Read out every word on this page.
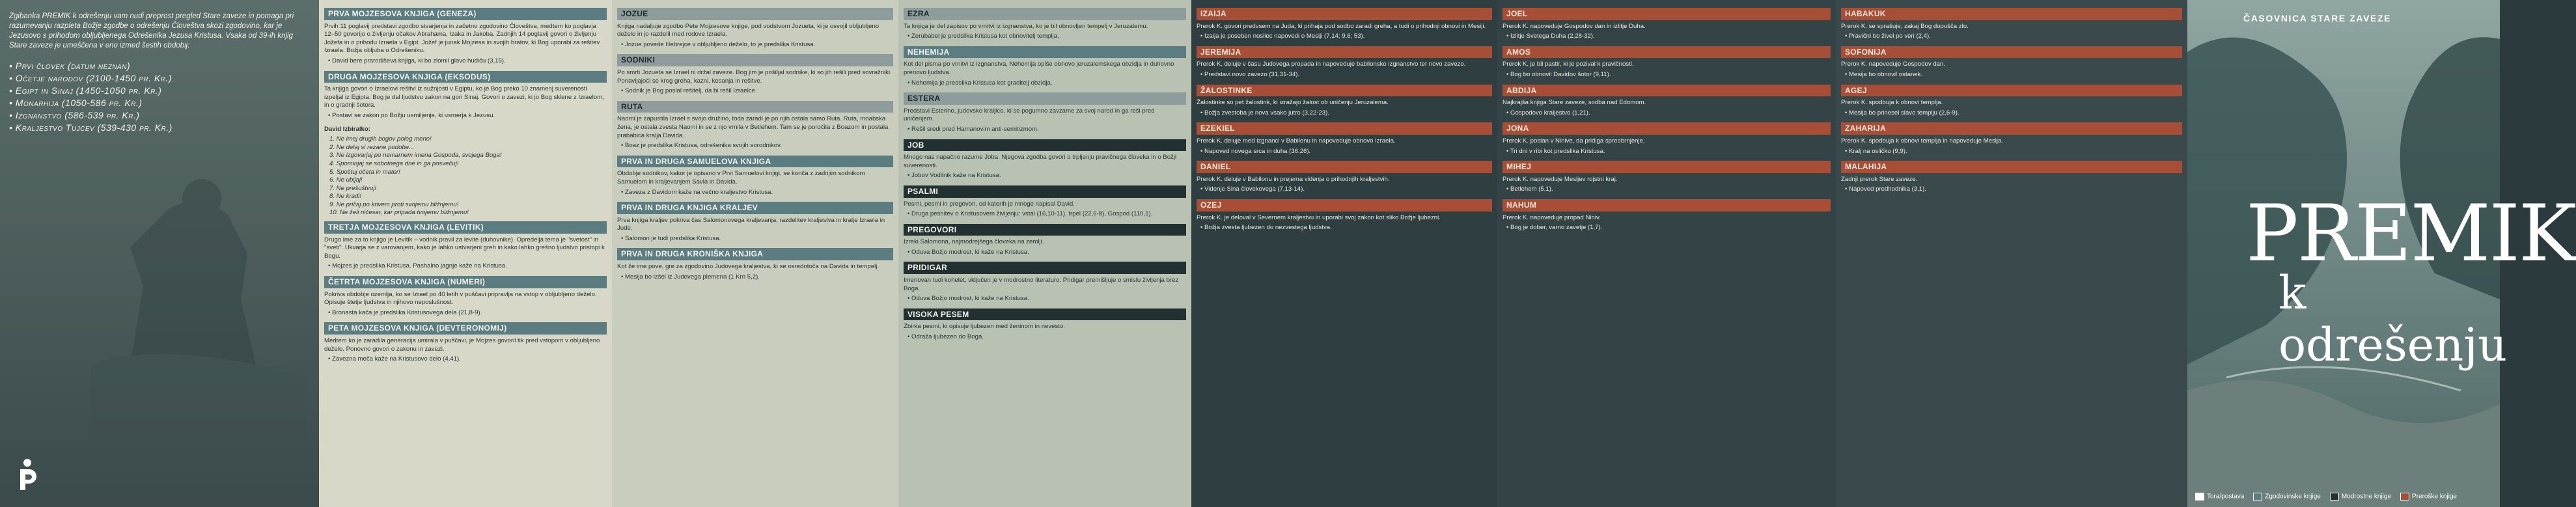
Zgibanka PREMIK k odrešenju vam nudi preprost pregled Stare zaveze in pomaga pri razumevanju razpleta Božje zgodbe o odrešenju Človeštva skozi zgodovino, kar je Jezusovo s prihodom obljubljenega Odrešenika Jezusa Kristusa. Vsaka od 39-ih knjig Stare zaveze je umeščena v eno izmed šestih obdobij:

• Prvi človek (datum neznan)
• Očetje narodov (2100-1450 pr. Kr.)
• Egipt in Sinaj (1450-1050 pr. Kr.)
• Monarhija (1050-586 pr. Kr.)
• Izgnanstvo (586-539 pr. Kr.)
• Kraljestvo Tujcev (539-430 pr. Kr.)
PRVA MOJZESOVA KNJIGA (GENEZA)

Prvih 11 poglavij predstavi zgodbo stvarjenja in začetno zgodovino Človeštva, medtem ko poglavja 12–50 govorijo o življenju očakov Abrahama, Izaka in Jakoba. Zadnjih 14 poglavij govori o življenju Jožefa in o prihodu Izraela v Egipt. Jožef je junak Mojzesa in svojih bratov, ki Bog uporabi za rešitev Izraela. Božja obljuba o Odrešeniku.

• David bere prarodiševa knjiga, ki bo zlomil glavo hudiču (3,15).

DRUGA MOJZESOVA KNJIGA (EKSODUS)

Ta knjiga govori o Izraelovi rešitvi iz sužnjosti v Egiptu, ko je Bog preko 10 znamenj suverenosti izpeljal iz Egipta. Bog je dal ljudstvu zakon na gori Sinaj. Govori o zavezi, ki jo Bog sklene z Izraelom, in o gradnji šotora.

• Postavi se zakon po Božju usmiljenje, ki usmerja k Jezusu.

David Izbiralko:

1. Ne imej drugih bogov poleg mene!
2. Ne delaj si rezane podobe...
3. Ne izgovarjaj po nemarnem imena Gospoda, svojega Boga!
4. Spominjaj se sobotnega dne in ga posvečuj!
5. Spoštuj očeta in mater!
6. Ne ubijaj!
7. Ne prešuštvuj!
8. Ne kradi!
9. Ne pričaj po krivem proti svojemu bližnjemu!
10. Ne želi ničesar, kar pripada tvojemu bližnjemu!
TRETJA MOJZESOVA KNJIGA (LEVITIK)

Drugo ime za to knjigo je Levitik – vodnik pravil za levite (duhovnike). Opredelja tema je "svetost" in "sveti". Ukvarja se z varovanjem, kako je lahko ustvarjeni greh in kako lahko grešno ljudstvo pristopi k Bogu.

• Mojzes je predslika Kristusa. Pashalno jagnje kaže na Kristusa.

ČETRTA MOJZESOVA KNJIGA (NUMERI)

Pokriva obdobje ozemlja, ko se Izrael po 40 letih v puščavi pripravlja na vstop v obljubljeno deželo. Opisuje štetje ljudstva in njihovo neposlušnost.

• Bronasta kača je predslika Kristusovega dela (21,8-9).

PETA MOJZESOVA KNJIGA (DEVTERONOMIJ)

Medtem ko je zaradila generacija umirala v puščavi, je Mojzes govoril tik pred vstopom v obljubljeno deželo. Ponovno govori o zakonu in zavezi.

• Zavezna meča kaže na Kristusovo delo (4,41).

JOZUE

Knjiga nadaljuje zgodbo Pete Mojzesove knjige, pod vodstvom Jozueta, ki je osvojil obljubljeno deželo in jo razdelil med rodove Izraela.

• Jozue povede Hebrejce v obljubljeno deželo, to je predslika Kristusa.

SODNIKI

Po smrti Jozueta se Izrael ni držal zaveze. Bog jim je pošiljal sodnike, ki so jih rešili pred sovražniki. Ponavljajoči se krog greha, kazni, kesanja in rešitve.

• Sodnik je Bog poslal rešitelj, da bi rešil Izraelce.

RUTA

Naomi je zapustila Izrael s svojo družino, toda zaradi je po njih ostala samo Ruta. Ruta, moabska žena, je ostala zvesta Naomi in se z njo vrnila v Betlehem. Tam se je poročila z Boazom in postala prababica kralja Davida.

• Boaz je predslika Kristusa, odrešenika svojih sorodnikov.

PRVA IN DRUGA SAMUELOVA KNJIGA

Obdobje sodnikov, kakor je opisano v Prvi Samuelovi knjigi, se konča z zadnjim sodnikom Samuelom in kraljevanjem Savla in Davida.

• Zaveza z Davidom kaže na večno kraljestvo Kristusa.

PRVA IN DRUGA KNJIGA KRALJEV

Prva knjiga kraljev pokriva čas Salomonovega kraljevanja, razdelitev kraljestva in kralje Izraela in Jude.

• Salomon je tudi predslika Kristusa.

PRVA IN DRUGA KRONIŠKA KNJIGA

Kot že ime pove, gre za zgodovino Judovega kraljestva, ki se osredotoča na Davida in tempelj.

• Mesija bo izšel iz Judovega plemena (1 Krn 5,2).

EZRA

Ta knjiga je del zapisov po vrnitvi iz izgnanstva, ko je bil obnovljen tempelj v Jeruzalemu.

• Zerubabel je predslika Kristusa kot obnovitelj templja.

NEHEMIJA

Kot del pisma po vrnitvi iz izgnanstva, Nehemija opiše obnovo jeruzalemskega obzidja in duhovno prenovo ljudstva.

• Nehemija je predslika Kristusa kot graditelj obzidja.

ESTERA

Predstavi Esterino, judovsko kraljico, ki se pogumno zavzame za svoj narod in ga reši pred uničenjem.

• Rešil sredi pred Hamanovim anti-semitizmom.

JOB

Mnogo nas napačno razume Joba. Njegova zgodba govori o trpljenju pravičnega človeka in o Božji suverenosti.

• Jobov Vodilnik kaže na Kristusa.

PSALMI

Pesmi, pesmi in pregovori, od katerih je mnoge napisal David.

• Druga pesnitev o Kristusovem življenju: vstal (16,10-11), trpel (22,6-8), Gospod (110,1).

PREGOVORI

Izreki Salomona, najmodrejšega človeka na zemlji.

• Oduva Božjo modrost, ki kaže na Kristusa.

PRIDIGAR

Imenovan tudi kohelet, vključen je v modrostno literaturo. Pridigar premišljuje o smislu življenja brez Boga.

• Oduva Božjo modrost, ki kaže na Kristusa.

VISOKA PESEM

Zbirka pesmi, ki opisuje ljubezen med ženinom in nevesto.

• Odraža ljubezen do Boga.

IZAIJA

Prerok K. govori predvsem na Juda, ki prihaja pod sodbo zaradi greha, a tudi o prihodnji obnovi in Mesiji.

• Izaija je poseben nosilec napovedi o Mesiji (7,14; 9,6; 53).

JEREMIJA

Prerok K. deluje v času Judovega propada in napoveduje babilonsko izgnanstvo ter novo zavezo.

• Predstavi novo zavezo (31,31-34).

ŽALOSTINKE

Žalostinke so pet žalostink, ki izražajo žalost ob uničenju Jeruzalema.

• Božja zvestoba je nova vsako jutro (3,22-23).

EZEKIEL

Prerok K. deluje med izgnanci v Babilonu in napoveduje obnovo Izraela.

• Napoved novega srca in duha (36,26).

DANIEL

Prerok K. deluje v Babilonu in prejema videnja o prihodnjih kraljestvih.

• Videnje Sina človekovega (7,13-14).

OZEJ

Prerok K. je deloval v Severnem kraljestvu in uporabi svoj zakon kot sliko Božje ljubezni.

• Božja zvesta ljubezen do nezvestega ljudstva.

JOEL

Prerok K. napoveduje Gospodov dan in izlitje Duha.

• Izlitje Svetega Duha (2,28-32).

AMOS

Prerok K. je bil pastir, ki je pozival k pravičnosti.

• Bog bo obnovil Davidov šotor (9,11).

ABDIJA

Najkrajša knjiga Stare zaveze, sodba nad Edomom.

• Gospodovo kraljestvo (1,21).

JONA

Prerok K. poslan v Ninive, da pridiga spreobrnjenje.

• Tri dni v ribi kot predslika Kristusa.

MIHEJ

Prerok K. napoveduje Mesijev rojstni kraj.

• Betlehem (5,1).

NAHUM

Prerok K. napoveduje propad Niniv.

• Bog je dober, varno zavetje (1,7).

HABAKUK

Prerok K. se sprašuje, zakaj Bog dopušča zlo.

• Pravični bo živel po veri (2,4).

SOFONIJA

Prerok K. napoveduje Gospodov dan.

• Mesija bo obnovil ostanek.

AGEJ

Prerok K. spodbuja k obnovi templja.

• Mesija bo prinesel slavo templju (2,6-9).

ZAHARIJA

Prerok K. spodbuja k obnovi templja in napoveduje Mesija.

• Kralj na osličku (9,9).

MALAHIJA

Zadnji prerok Stare zaveze.

• Napoved predhodnika (3,1).

ČASOVNICA STARE ZAVEZE
PREMIK
k odrešenju
Tora/postava	Zgodovinske knjige	Modrostne knjige	Preroške knjige
